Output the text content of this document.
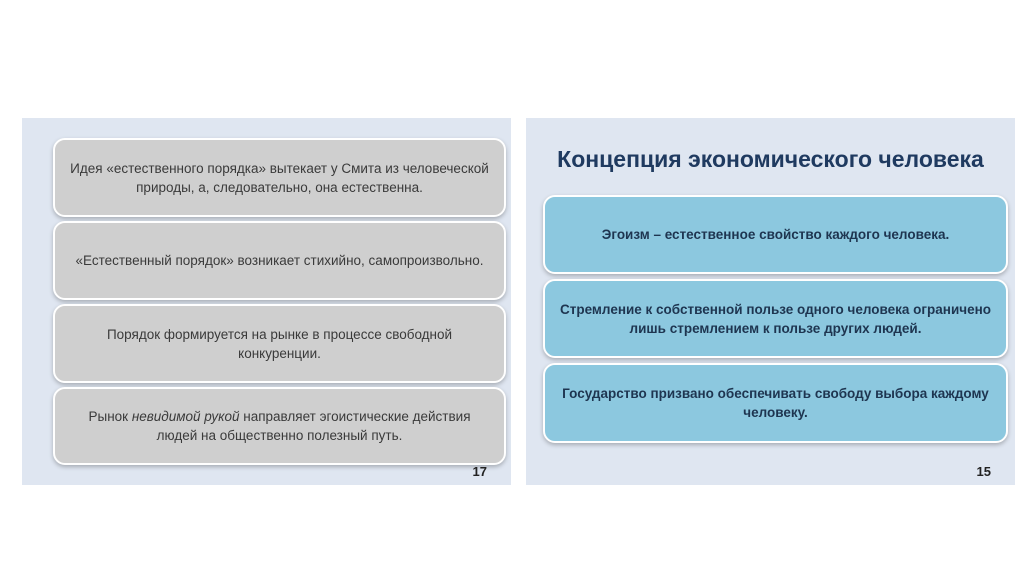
Идея «естественного порядка» вытекает у Смита из человеческой природы, а, следовательно, она естественна.
«Естественный порядок» возникает стихийно, самопроизвольно.
Порядок формируется на рынке в процессе свободной конкуренции.
Рынок невидимой рукой направляет эгоистические действия людей на общественно полезный путь.
17
Концепция экономического человека
Эгоизм – естественное свойство каждого человека.
Стремление к собственной пользе одного человека ограничено лишь стремлением к пользе других людей.
Государство призвано обеспечивать свободу выбора каждому человеку.
15
